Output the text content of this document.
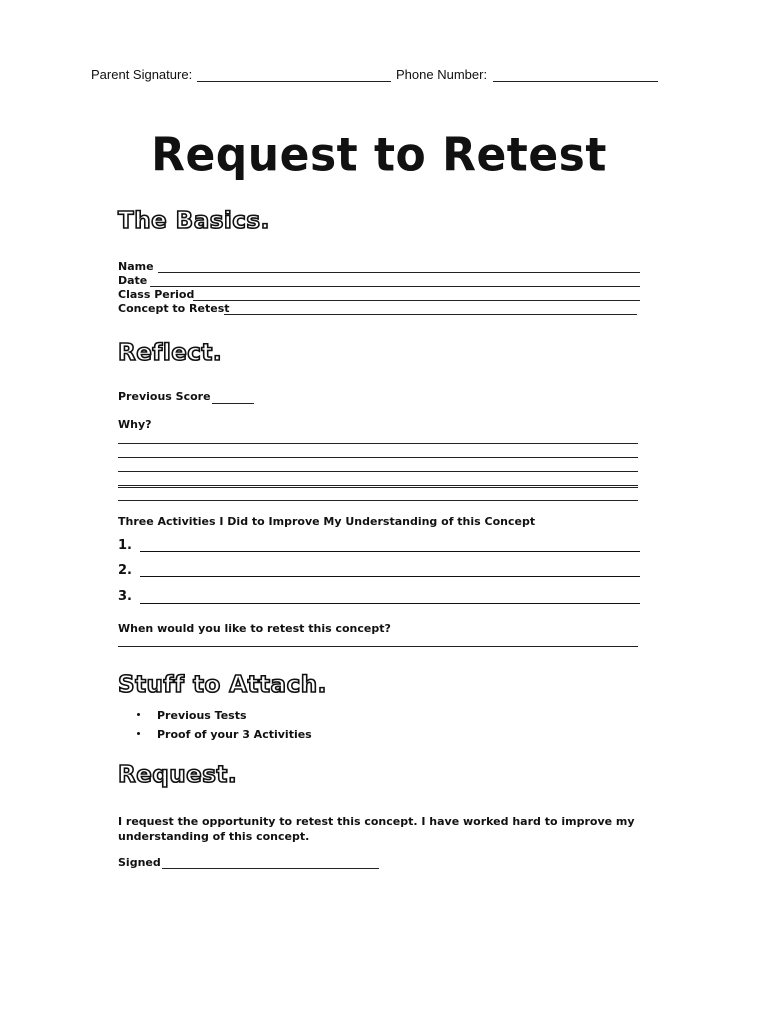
Parent Signature:	Phone Number:
Request to Retest
The Basics.
Name
Date
Class Period
Concept to Retest
Reflect.
Previous Score
Why?
Three Activities I Did to Improve My Understanding of this Concept
1.
2.
3.
When would you like to retest this concept?
Stuff to Attach.
Previous Tests
Proof of your 3 Activities
Request.
I request the opportunity to retest this concept. I have worked hard to improve my understanding of this concept.
Signed
